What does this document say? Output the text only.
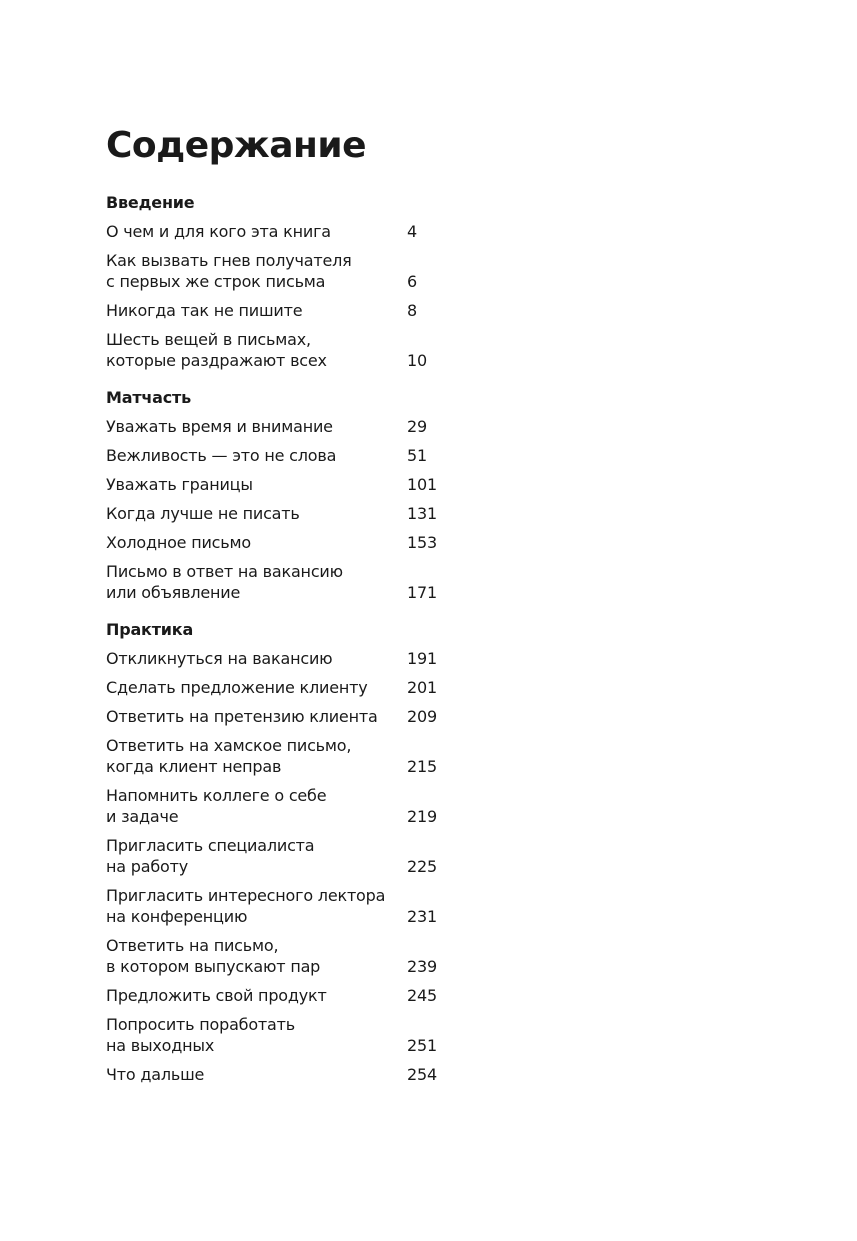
Содержание
Введение
О чем и для кого эта книга	4
Как вызвать гнев получателя
с первых же строк письма	6
Никогда так не пишите	8
Шесть вещей в письмах,
которые раздражают всех	10
Матчасть
Уважать время и внимание	29
Вежливость — это не слова	51
Уважать границы	101
Когда лучше не писать	131
Холодное письмо	153
Письмо в ответ на вакансию
или объявление	171
Практика
Откликнуться на вакансию	191
Сделать предложение клиенту	201
Ответить на претензию клиента	209
Ответить на хамское письмо,
когда клиент неправ	215
Напомнить коллеге о себе
и задаче	219
Пригласить специалиста
на работу	225
Пригласить интересного лектора
на конференцию	231
Ответить на письмо,
в котором выпускают пар	239
Предложить свой продукт	245
Попросить поработать
на выходных	251
Что дальше	254
